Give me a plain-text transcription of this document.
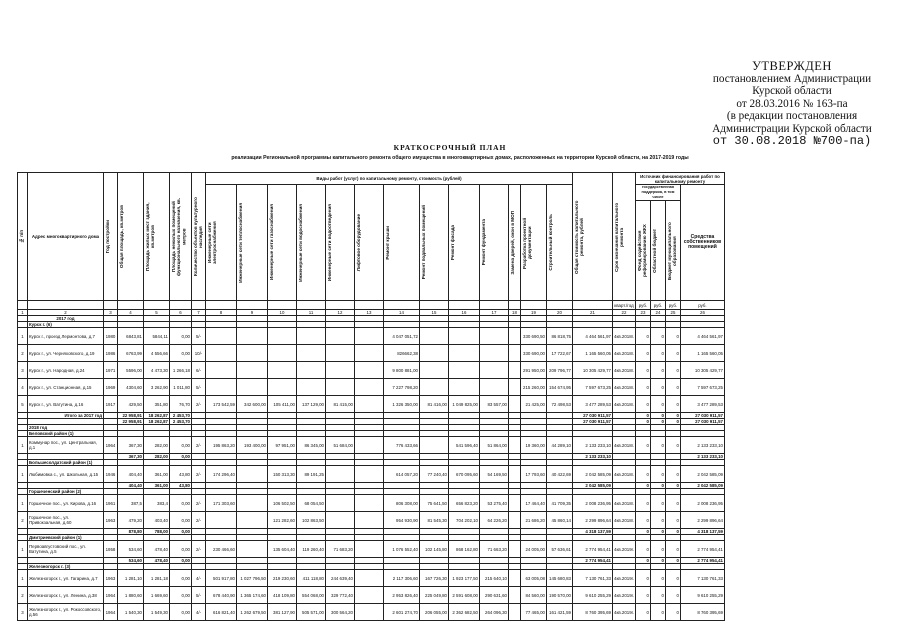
УТВЕРЖДЕН
постановлением Администрации
Курской области
от 28.03.2016 № 163-па
(в редакции постановления
Администрации Курской области
от 30.08.2018 №700-па)
КРАТКОСРОЧНЫЙ ПЛАН
реализации Региональной программы капитального ремонта общего имущества в многоквартирных домах, расположенных на территории Курской области, на 2017-2019 годы
№ п/п	Адрес многоквартирного дома	Год постройки	Общая площадь, кв.метров	Площадь жилых мест здания, кв.метров	Площадь нежилых помещений функционального назначения, кв. метров	Количество объектов культурного наследия	Виды работ (услуг) по капитальному ремонту, стоимость (рублей)													Общая стоимость капитального ремонта, рублей	Срок окончания капитального ремонта	Источник финансирования работ по капитальному ремонту			

							Инженерные сети электроснабжения	Инженерные сети теплоснабжения	Инженерные сети газоснабжения	Инженерные сети водоснабжения	Инженерные сети водоотведения	Лифтовое оборудование	Ремонт крыши	Ремонт подвальных помещений	Ремонт фасада	Ремонт фундамента	Замена дверей, окон в МОП	Разработка проектной документации	Строительный контроль			государственная поддержка, в том числе			Средства собственников помещений

																						Фонд содействия реформированию ЖКХ	Областной бюджет	Бюджет муниципального образования	

																					кварт./год	руб.	руб.	руб.	руб.
1	2	3	4	5	6	7	8	9	10	11	12	13	14	15	16	17	18	19	20	21	22	23	24	25	26
	2017 год																								
	Курск г. (6)																								
1	Курск г., проезд Лермонтова, д.7	1980	6843,81	5844,11	0,00	5/-							4 047 051,72					330 690,50	86 818,75	4 464 561,97	4кв.2018г.	0	0	0	4 464 561,97
2	Курск г., ул. Черняховского, д.19	1986	6763,99	4 556,66	0,00	10/-							826662,38					330 690,00	17 722,67	1 165 560,05	4кв.2018г.	0	0	0	1 165 560,05
3	Курск г., ул. Народная, д.24	1971	5596,00	4 473,30	1 266,18	6/-							9 800 881,00					291 950,00	209 796,77	10 305 429,77	4кв.2018г.	0	0	0	10 305 429,77
4	Курск г., ул. Станционная, д.15	1969	4304,60	3 262,90	1 011,80	5/-							7 227 798,20					215 260,00	154 674,95	7 597 673,25	4кв.2018г.	0	0	0	7 597 673,25
5	Курск г., ул. Ватутина, д.16	1917	429,50	351,80	76,70	2/-	173 542,59	342 600,00	105 411,00	137 129,00	81 415,00		1 326 350,00	81 416,00	1 049 825,00	83 557,00		21 425,00	72 498,53	3 477 289,53	4кв.2018г.	0	0	0	3 477 289,53
	Итого за 2017 год		22 958,91	18 262,87	2 453,70															27 030 911,57		0	0	0	27 030 911,57
			22 958,91	18 262,87	2 453,70															27 030 911,57		0	0	0	27 030 911,57
	2018 год																								
	Беловский район (1)																								
1	Коммунар пос., ул. Центральная, д.1	1964	367,30	282,00	0,00	2/-	195 863,20	193 400,00	97 951,00	86 345,00	51 684,00		776 433,66		541 596,40	51 864,00		19 360,00	44 289,10	2 133 233,10	4кв.2018г.	0	0	0	2 133 233,10
			367,30	282,00	0,00															2 133 233,10					2 133 233,10
	Большесолдатский район (1)																								
1	Любимовка с., ул. Школьная, д.15	1946	404,40	361,00	43,80	2/-	174 296,40		150 313,30	89 191,25			614 057,20	77 240,40	670 095,60	54 169,50		17 793,60	40 422,69	2 042 585,09	4кв.2018г.	0	0	0	2 042 585,09
			404,40	361,00	43,80															2 042 585,09		0	0	0	2 042 585,09
	Горшеченский район (2)																								
1	Горшечное пос., ул. Кирова, д.16	1961	387,5	383,4	0,00	2/-	171 303,60		106 502,50	68 054,50			806 308,00	75 641,50	656 823,20	53 275,40		17 464,40	41 709,35	2 008 236,95	4кв.2018г.	0	0	0	2 008 236,95
2	Горшечное пос., ул. Привокзальная, д.60	1963	479,20	403,40	0,00	2/-			121 282,60	102 863,50			954 930,90	81 545,30	704 202,10	64 226,20		21 686,20	45 860,14	2 299 896,64	4кв.2018г.	0	0	0	2 299 896,64
			878,80	788,00	0,00															4 318 137,59		0	0	0	4 318 137,59
	Дмитриевский район (1)																								
1	Первоавгустовский пос., ул. Ватутина, д.5	1958	534,60	478,40	0,00	2/-	230 466,60		135 604,40	119 260,40	71 683,20		1 076 552,40	102 145,80	868 162,80	71 663,20		24 005,00	57 636,61	2 774 954,41	4кв.2019г.	0	0	0	2 774 954,41
			534,60	478,40	0,00															2 774 954,41		0	0	0	2 774 954,41
	Железногорск г. (3)																								
1	Железногорск г., ул. Гагарина, д.7	1963	1 281,10	1 281,18	0,00	4/-	501 917,80	1 027 796,50	219 230,60	411 118,80	244 639,40		2 117 306,60	167 726,30	1 923 177,50	215 640,10		63 005,08	145 680,83	7 130 761,33	4кв.2019г.	0	0	0	7 130 761,33
2	Железногорск г., ул. Ленина, д.38	1964	1 880,60	1 669,60	0,00	5/-	678 440,90	1 365 174,60	418 109,80	554 068,00	329 772,40		2 953 826,40	225 049,80	2 591 608,00	290 631,60		84 560,00	190 570,00	9 610 255,29	4кв.2019г.	0	0	0	9 610 255,29
3	Железногорск г., ул. Рокоссовского, д.56	1964	1 540,30	1 549,30	0,00	4/-	616 821,40	1 262 679,50	381 127,90	505 571,00	300 564,20		2 601 274,70	206 055,00	2 362 682,50	264 096,30		77 465,00	161 421,59	8 760 395,69	4кв.2019г.	0	0	0	8 760 395,69
